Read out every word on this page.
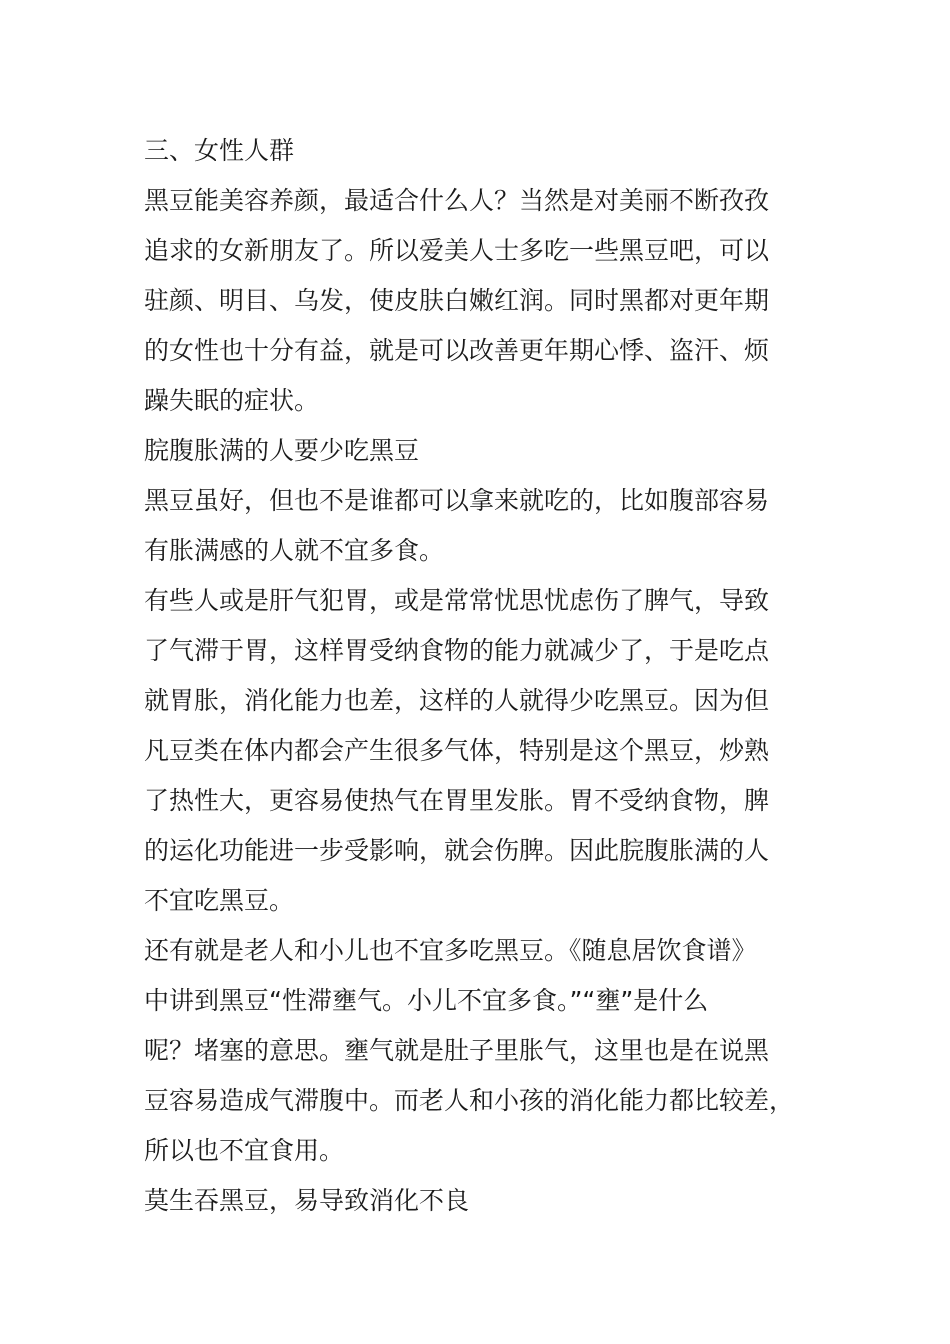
三、女性人群
黑豆能美容养颜，最适合什么人？当然是对美丽不断孜孜
追求的女新朋友了。所以爱美人士多吃一些黑豆吧，可以
驻颜、明目、乌发，使皮肤白嫩红润。同时黑都对更年期
的女性也十分有益，就是可以改善更年期心悸、盗汗、烦
躁失眠的症状。
脘腹胀满的人要少吃黑豆
黑豆虽好，但也不是谁都可以拿来就吃的，比如腹部容易
有胀满感的人就不宜多食。
有些人或是肝气犯胃，或是常常忧思忧虑伤了脾气，导致
了气滞于胃，这样胃受纳食物的能力就减少了，于是吃点
就胃胀，消化能力也差，这样的人就得少吃黑豆。因为但
凡豆类在体内都会产生很多气体，特别是这个黑豆，炒熟
了热性大，更容易使热气在胃里发胀。胃不受纳食物，脾
的运化功能进一步受影响，就会伤脾。因此脘腹胀满的人
不宜吃黑豆。
还有就是老人和小儿也不宜多吃黑豆。《随息居饮食谱》
中讲到黑豆“性滞壅气。小儿不宜多食。”“壅”是什么
呢？堵塞的意思。壅气就是肚子里胀气，这里也是在说黑
豆容易造成气滞腹中。而老人和小孩的消化能力都比较差，
所以也不宜食用。
莫生吞黑豆，易导致消化不良
